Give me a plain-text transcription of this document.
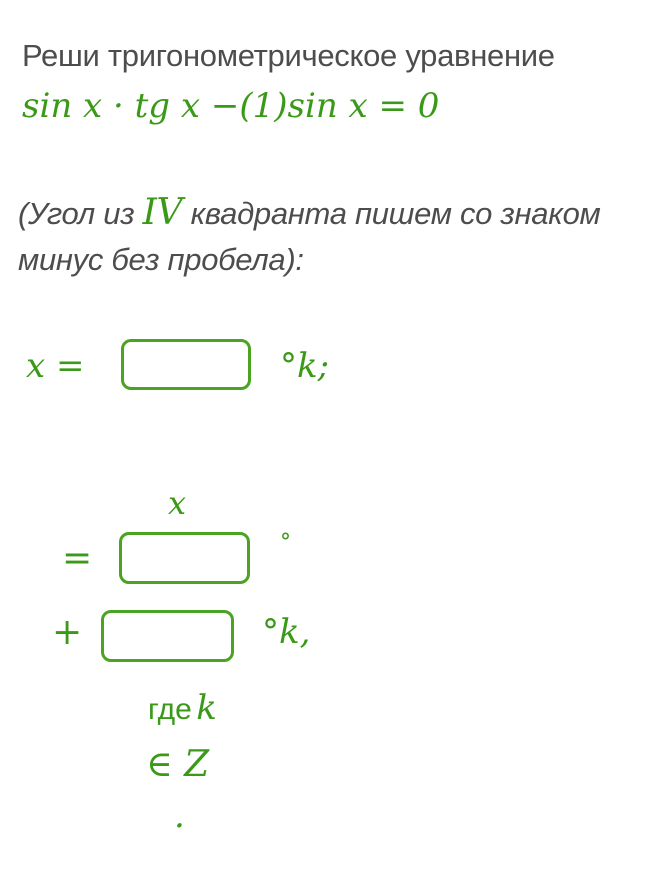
Реши тригонометрическое уравнение
sin x · tg x −(1)sin x = 0
(Угол из IV квадранта пишем со знаком
минус без пробела):
x =	°k;
x
=	°
+	°k,
где k
∈ Z
.
